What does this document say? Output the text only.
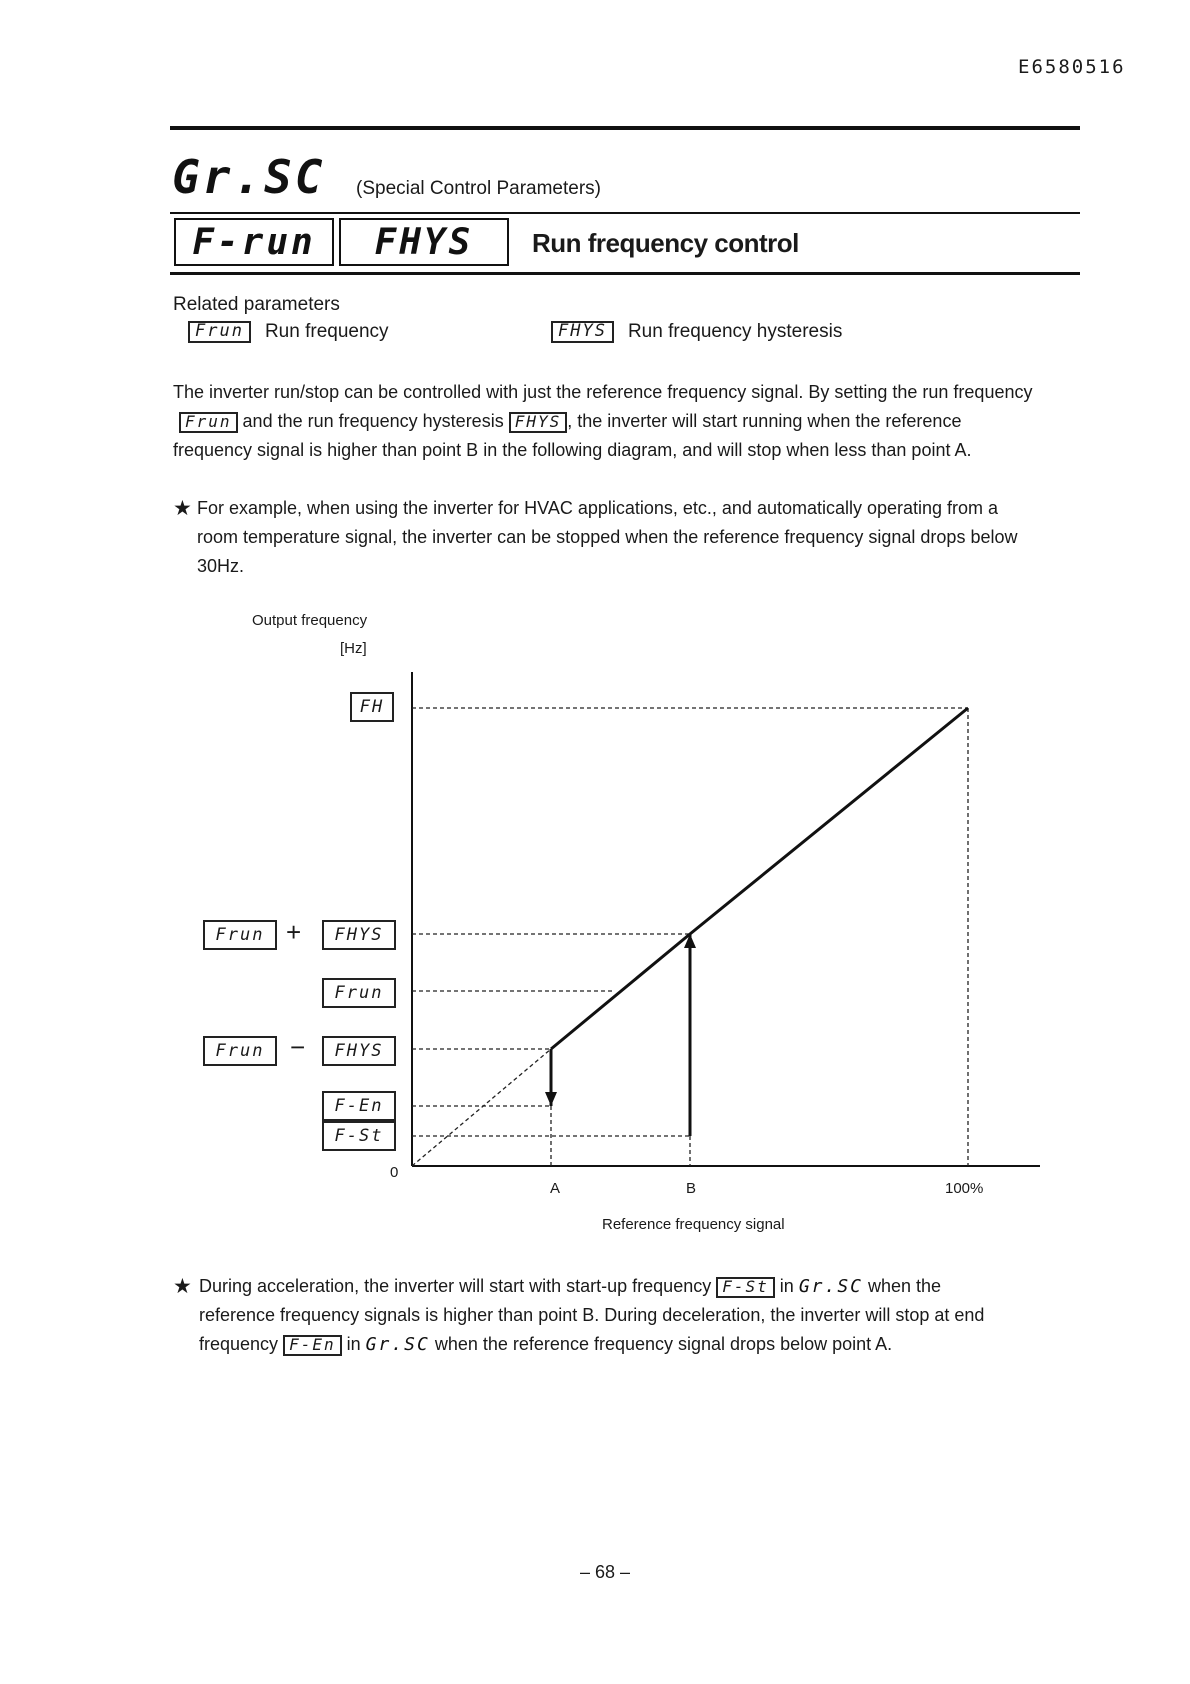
E6580516
Gr.SC (Special Control Parameters)
F-run FHYS Run frequency control
Related parameters
Frun	Run frequency	FHYS	Run frequency hysteresis
The inverter run/stop can be controlled with just the reference frequency signal. By setting the run frequency
Frun and the run frequency hysteresis FHYS , the inverter will start running when the reference
frequency signal is higher than point B in the following diagram, and will stop when less than point A.
★ For example, when using the inverter for HVAC applications, etc., and automatically operating from a
room temperature signal, the inverter can be stopped when the reference frequency signal drops below
30Hz.
Output frequency
[Hz]
FH
Frun +	FHYS
Frun
Frun −	FHYS
F-En
F-St
0
A	B	100%
Reference frequency signal
★ During acceleration, the inverter will start with start-up frequency F-St in Gr.SC when the
reference frequency signals is higher than point B. During deceleration, the inverter will stop at end
frequency F-En in Gr.SC when the reference frequency signal drops below point A.
– 68 –
